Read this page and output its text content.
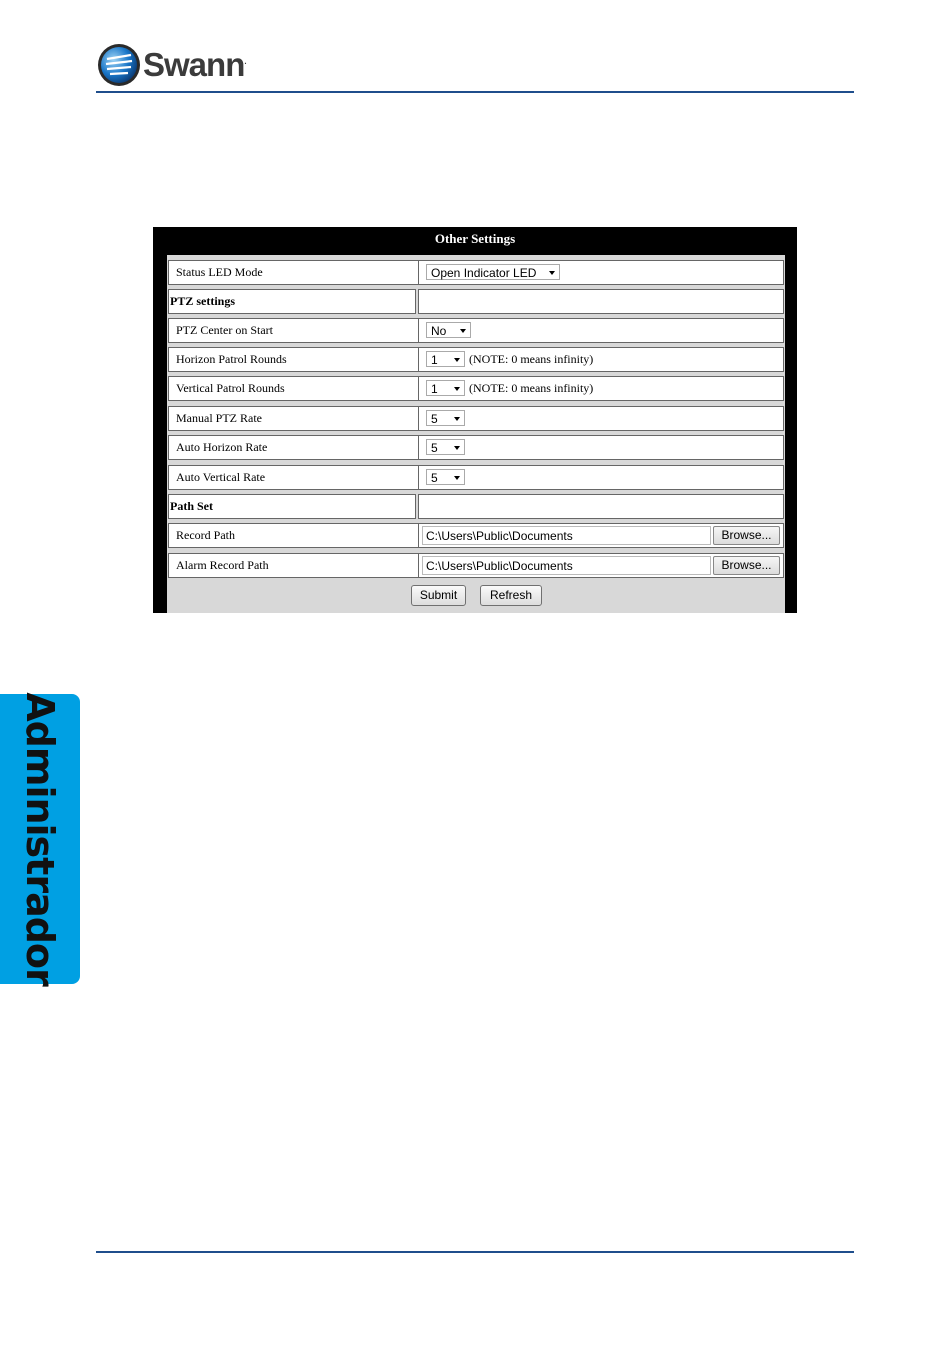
Swann.
Other Settings
Status LED Mode	Open Indicator LED
PTZ settings
PTZ Center on Start	No
Horizon Patrol Rounds	1	(NOTE: 0 means infinity)
Vertical Patrol Rounds	1	(NOTE: 0 means infinity)
Manual PTZ Rate	5
Auto Horizon Rate	5
Auto Vertical Rate	5
Path Set
Record Path	C:\Users\Public\Documents	Browse...
Alarm Record Path	C:\Users\Public\Documents	Browse...
Submit	Refresh
Administrador
